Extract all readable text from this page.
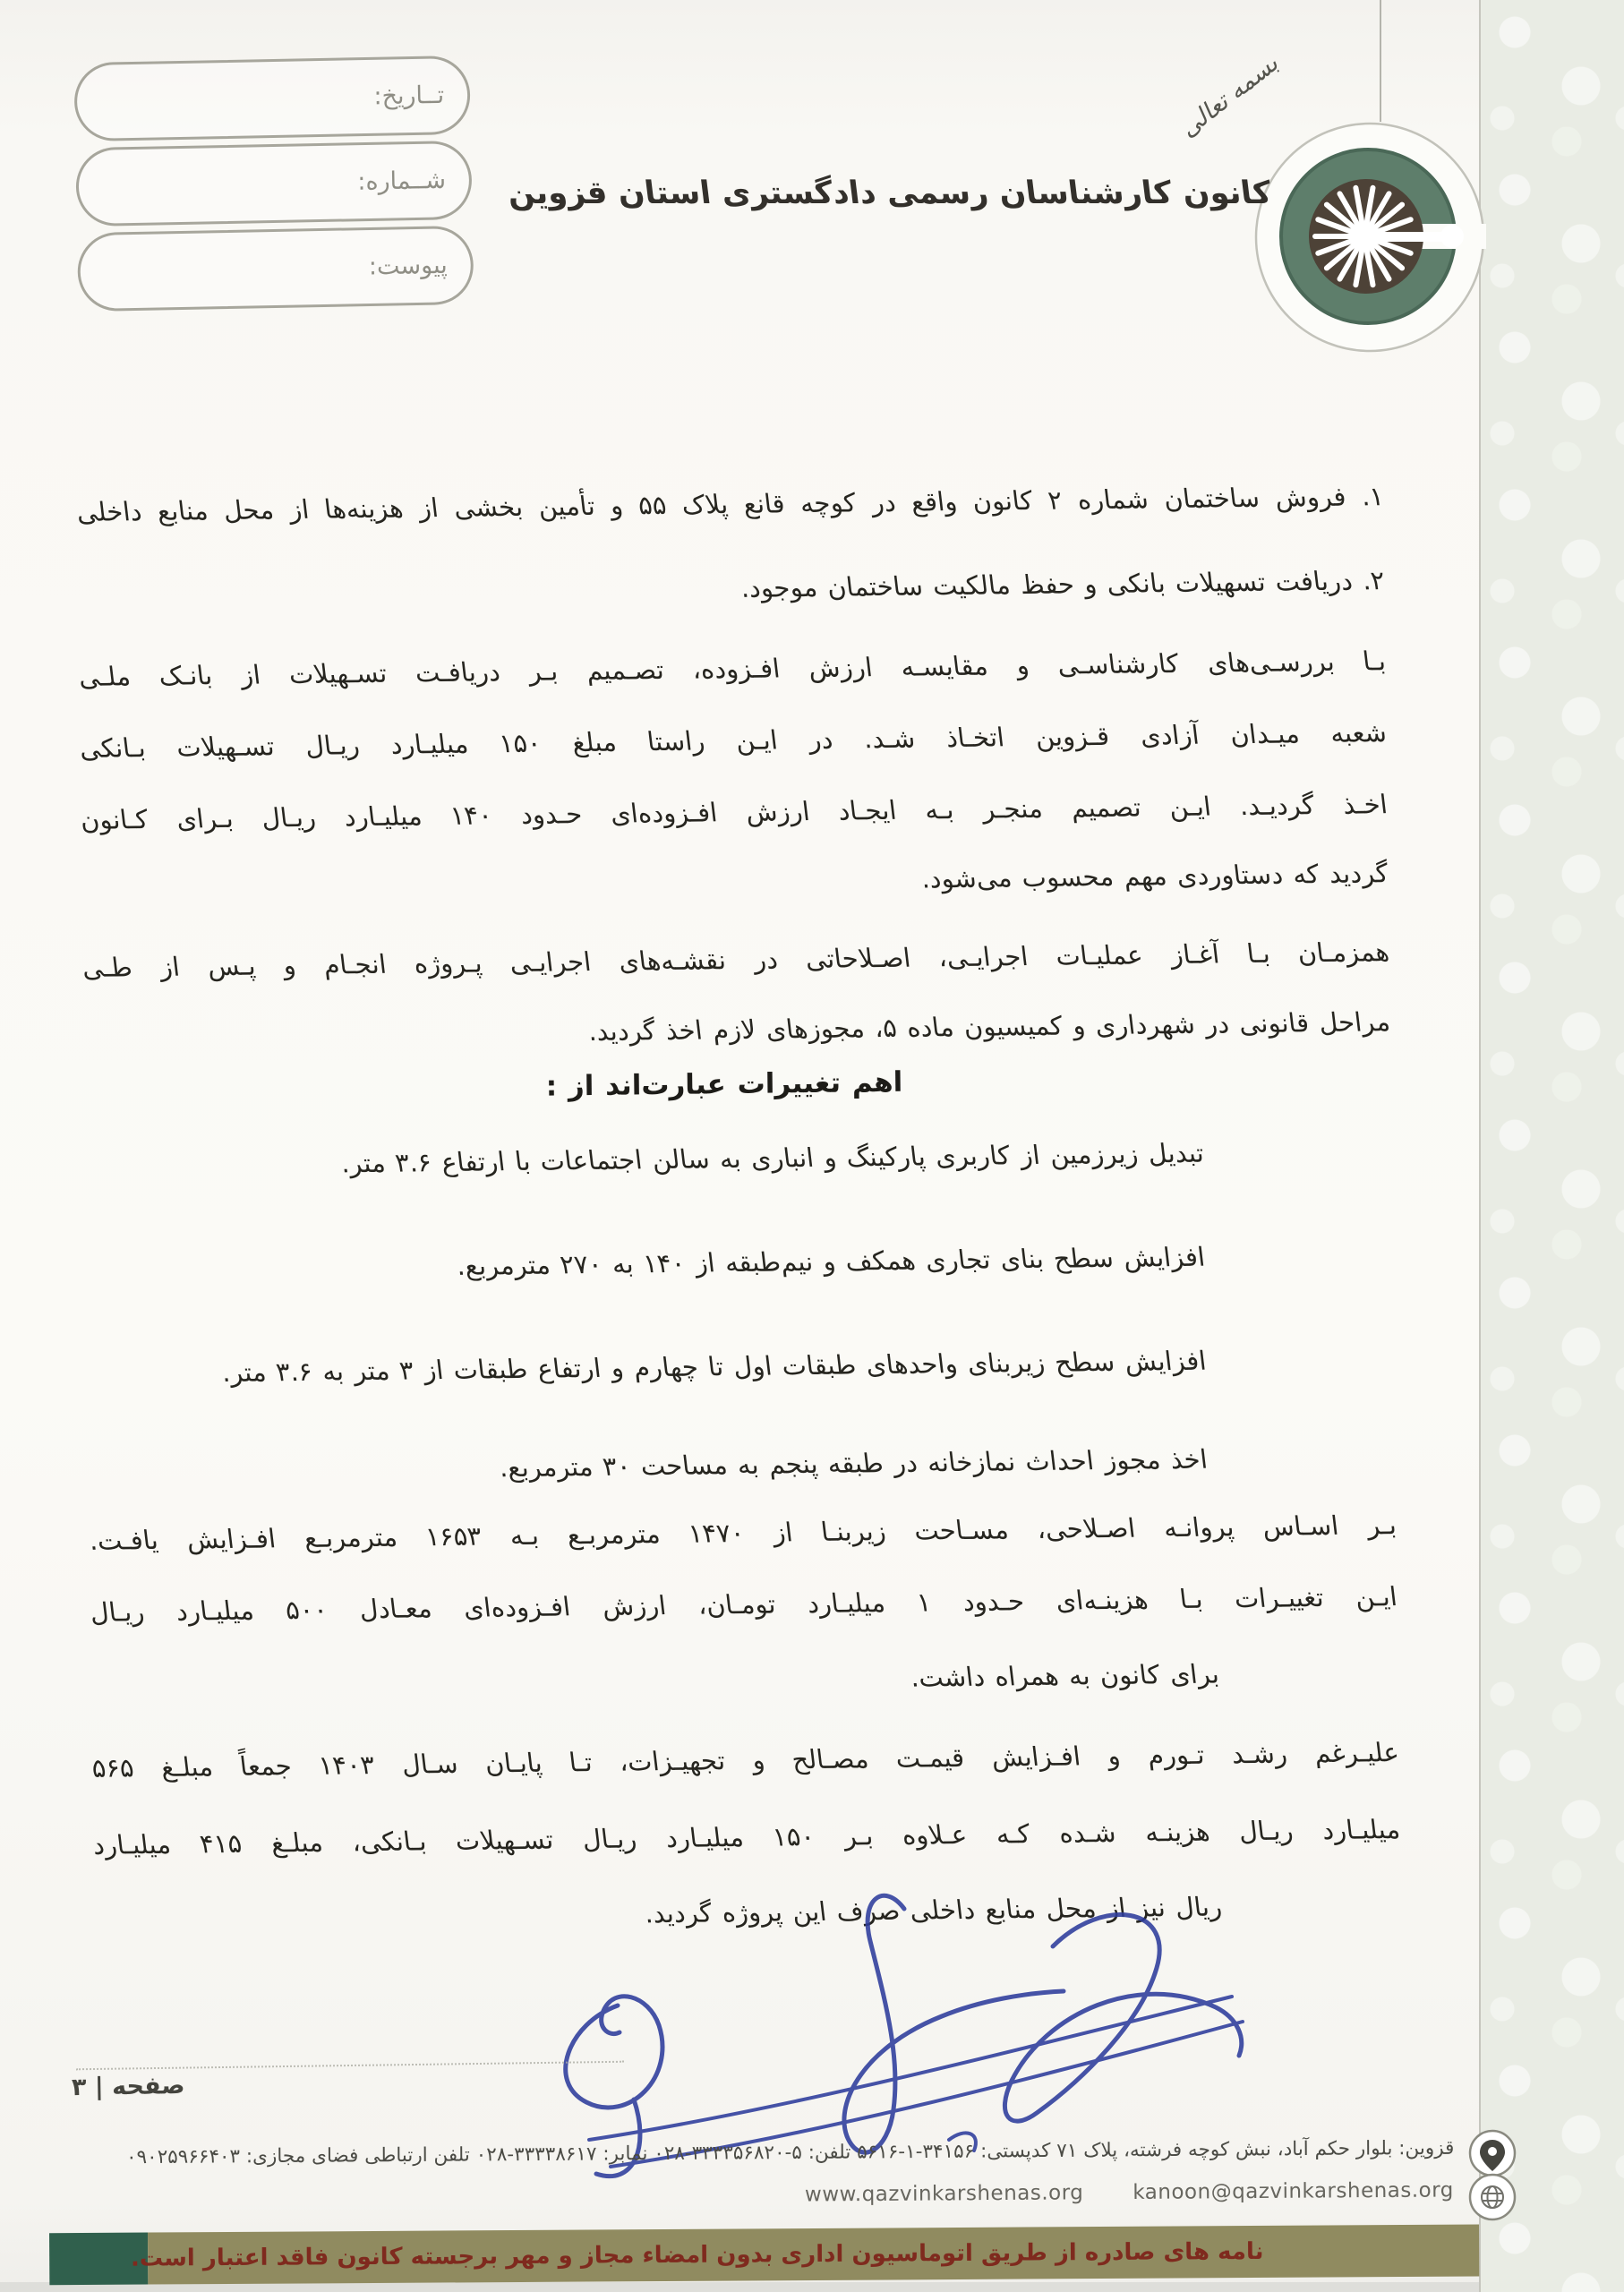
تــاریخ:
شــماره:
پیوست:
بسمه تعالی
کانون کارشناسان رسمی دادگستری استان قزوین
۱. فروش ساختمان شماره ۲ کانون واقع در کوچه قانع پلاک ۵۵ و تأمین بخشی از هزینه‌ها از محل منابع داخلی
۲. دریافت تسهیلات بانکی و حفظ مالکیت ساختمان موجود.
بـا بررسـی‌های کارشناسـی و مقایسـه ارزش افـزوده، تصـمیم بـر دریافـت تسـهیلات از بانـک ملـی
شعبه میـدان آزادی قـزوین اتخـاذ شـد. در ایـن راستا مبلغ ۱۵۰ میلیـارد ریـال تسـهیلات بـانکی
اخـذ گردیـد. ایـن تصمیم منجـر بـه ایجـاد ارزش افـزوده‌ای حـدود ۱۴۰ میلیـارد ریـال بـرای کـانون
گردید که دستاوردی مهم محسوب می‌شود.
همزمـان بـا آغـاز عملیـات اجرایـی، اصـلاحاتی در نقشـه‌های اجرایـی پـروژه انجـام و پـس از طـی
مراحل قانونی در شهرداری و کمیسیون ماده ۵، مجوزهای لازم اخذ گردید.
اهم تغییرات عبارت‌اند از :
تبدیل زیرزمین از کاربری پارکینگ و انباری به سالن اجتماعات با ارتفاع ۳.۶ متر.
افزایش سطح بنای تجاری همکف و نیم‌طبقه از ۱۴۰ به ۲۷۰ مترمربع.
افزایش سطح زیربنای واحدهای طبقات اول تا چهارم و ارتفاع طبقات از ۳ متر به ۳.۶ متر.
اخذ مجوز احداث نمازخانه در طبقه پنجم به مساحت ۳۰ مترمربع.
بـر اسـاس پروانـه اصـلاحی، مسـاحت زیربنـا از ۱۴۷۰ مترمربـع بـه ۱۶۵۳ مترمربـع افـزایش یافـت.
ایـن تغییـرات بـا هزینـه‌ای حـدود ۱ میلیـارد تومـان، ارزش افـزوده‌ای معـادل ۵۰۰ میلیـارد ریـال
برای کانون به همراه داشت.
علیـرغم رشـد تـورم و افـزایش قیمـت مصـالح و تجهیـزات، تـا پایـان سـال ۱۴۰۳ جمعاً مبلـغ ۵۶۵
میلیـارد ریـال هزینـه شـده کـه عـلاوه بـر ۱۵۰ میلیـارد ریـال تسـهیلات بـانکی، مبلـغ ۴۱۵ میلیـارد
ریال نیز از محل منابع داخلی صرف این پروژه گردید.
صفحه | ۳
قزوین: بلوار حکم آباد، نبش کوچه فرشته، پلاک ۷۱ کدپستی: ۳۴۱۵۶-۱-۵۶۱۶ تلفن: ۵-۳۳۳۳۵۶۸۲۰-۰۲۸ نمابر: ۳۳۳۳۸۶۱۷-۰۲۸ تلفن ارتباطی فضای مجازی: ۰۹۰۲۵۹۶۶۴۰۳
www.qazvinkarshenas.org kanoon@qazvinkarshenas.org
نامه های صادره از طریق اتوماسیون اداری بدون امضاء مجاز و مهر برجسته کانون فاقد اعتبار است.
